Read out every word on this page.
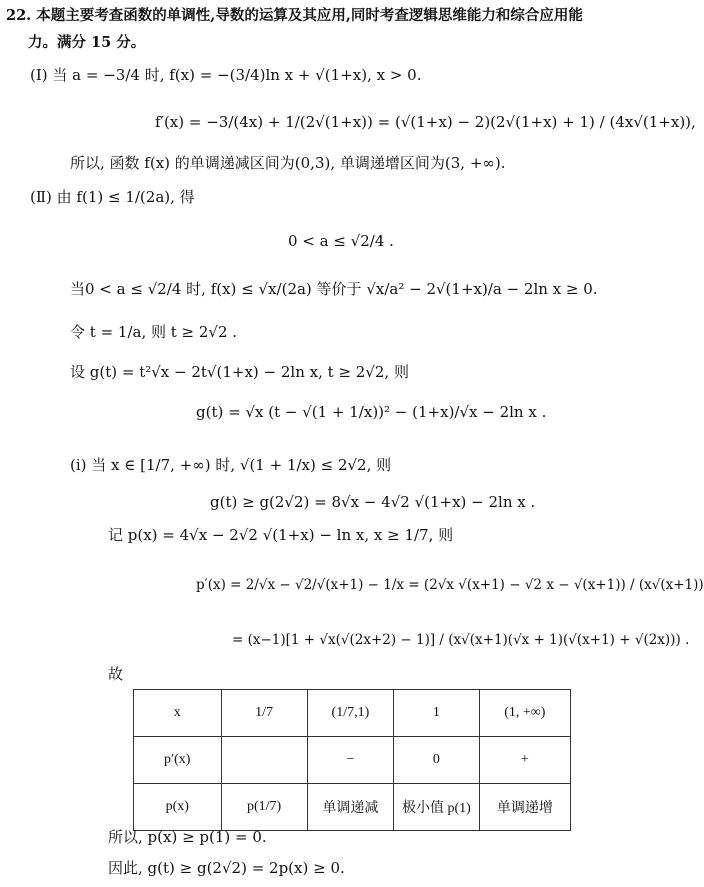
22. 本题主要考查函数的单调性,导数的运算及其应用,同时考查逻辑思维能力和综合应用能
力。满分 15 分。
(Ⅰ) 当 a = −3/4 时, f(x) = −(3/4)ln x + √(1+x), x > 0.
f′(x) = −3/(4x) + 1/(2√(1+x)) = (√(1+x) − 2)(2√(1+x) + 1) / (4x√(1+x)),
所以, 函数 f(x) 的单调递减区间为(0,3), 单调递增区间为(3, +∞).
(Ⅱ) 由 f(1) ≤ 1/(2a), 得
0 < a ≤ √2/4 .
当0 < a ≤ √2/4 时, f(x) ≤ √x/(2a) 等价于 √x/a² − 2√(1+x)/a − 2ln x ≥ 0.
令 t = 1/a, 则 t ≥ 2√2 .
设 g(t) = t²√x − 2t√(1+x) − 2ln x, t ≥ 2√2, 则
g(t) = √x (t − √(1 + 1/x))² − (1+x)/√x − 2ln x .
(ⅰ) 当 x ∈ [1/7, +∞) 时, √(1 + 1/x) ≤ 2√2, 则
g(t) ≥ g(2√2) = 8√x − 4√2 √(1+x) − 2ln x .
记 p(x) = 4√x − 2√2 √(1+x) − ln x, x ≥ 1/7, 则
p′(x) = 2/√x − √2/√(x+1) − 1/x = (2√x √(x+1) − √2 x − √(x+1)) / (x√(x+1))
= (x−1)[1 + √x(√(2x+2) − 1)] / (x√(x+1)(√x + 1)(√(x+1) + √(2x))) .
故
x	1/7	(1/7,1)	1	(1, +∞)
p′(x)		−	0	+
p(x)	p(1/7)	单调递减	极小值 p(1)	单调递增
所以, p(x) ≥ p(1) = 0.
因此, g(t) ≥ g(2√2) = 2p(x) ≥ 0.
